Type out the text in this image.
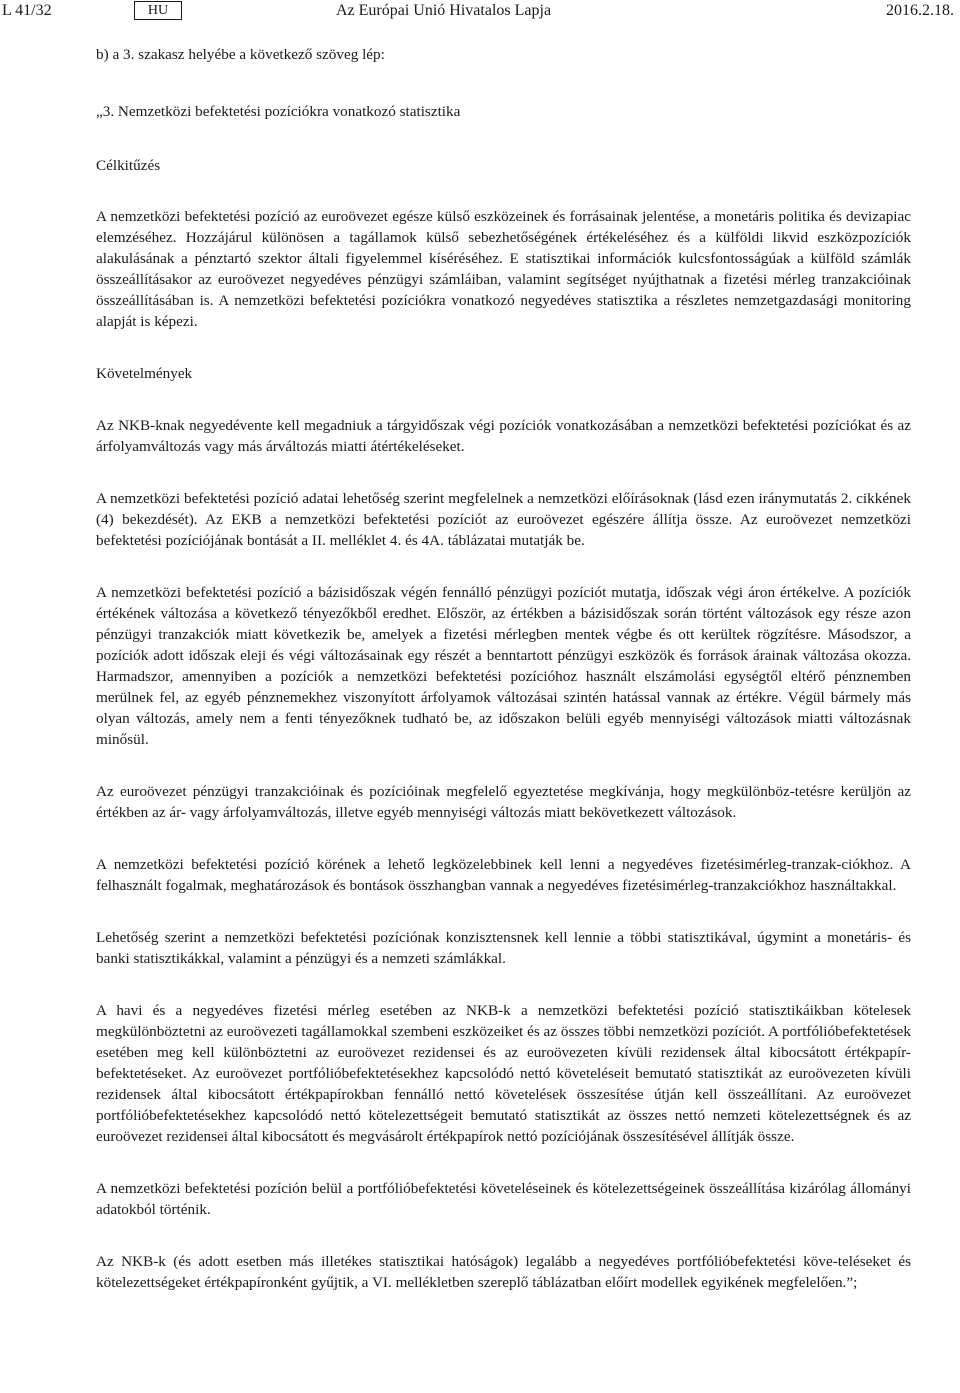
L 41/32	HU	Az Európai Unió Hivatalos Lapja	2016.2.18.

b) a 3. szakasz helyébe a következő szöveg lép:

„3. Nemzetközi befektetési pozíciókra vonatkozó statisztika

Célkitűzés

A nemzetközi befektetési pozíció az euroövezet egésze külső eszközeinek és forrásainak jelentése, a monetáris politika és devizapiac elemzéséhez. Hozzájárul különösen a tagállamok külső sebezhetőségének értékeléséhez és a külföldi likvid eszközpozíciók alakulásának a pénztartó szektor általi figyelemmel kíséréséhez. E statisztikai információk kulcsfontosságúak a külföld számlák összeállításakor az euroövezet negyedéves pénzügyi számláiban, valamint segítséget nyújthatnak a fizetési mérleg tranzakcióinak összeállításában is. A nemzetközi befektetési pozíciókra vonatkozó negyedéves statisztika a részletes nemzetgazdasági monitoring alapját is képezi.

Követelmények

Az NKB-knak negyedévente kell megadniuk a tárgyidőszak végi pozíciók vonatkozásában a nemzetközi befektetési pozíciókat és az árfolyamváltozás vagy más árváltozás miatti átértékeléseket.

A nemzetközi befektetési pozíció adatai lehetőség szerint megfelelnek a nemzetközi előírásoknak (lásd ezen iránymutatás 2. cikkének (4) bekezdését). Az EKB a nemzetközi befektetési pozíciót az euroövezet egészére állítja össze. Az euroövezet nemzetközi befektetési pozíciójának bontását a II. melléklet 4. és 4A. táblázatai mutatják be.

A nemzetközi befektetési pozíció a bázisidőszak végén fennálló pénzügyi pozíciót mutatja, időszak végi áron értékelve. A pozíciók értékének változása a következő tényezőkből eredhet. Először, az értékben a bázisidőszak során történt változások egy része azon pénzügyi tranzakciók miatt következik be, amelyek a fizetési mérlegben mentek végbe és ott kerültek rögzítésre. Másodszor, a pozíciók adott időszak eleji és végi változásainak egy részét a benntartott pénzügyi eszközök és források árainak változása okozza. Harmadszor, amennyiben a pozíciók a nemzetközi befektetési pozícióhoz használt elszámolási egységtől eltérő pénznemben merülnek fel, az egyéb pénznemekhez viszonyított árfolyamok változásai szintén hatással vannak az értékre. Végül bármely más olyan változás, amely nem a fenti tényezőknek tudható be, az időszakon belüli egyéb mennyiségi változások miatti változásnak minősül.

Az euroövezet pénzügyi tranzakcióinak és pozícióinak megfelelő egyeztetése megkívánja, hogy megkülönböz-tetésre kerüljön az értékben az ár- vagy árfolyamváltozás, illetve egyéb mennyiségi változás miatt bekövetkezett változások.

A nemzetközi befektetési pozíció körének a lehető legközelebbinek kell lenni a negyedéves fizetésimérleg-tranzak-ciókhoz. A felhasznált fogalmak, meghatározások és bontások összhangban vannak a negyedéves fizetésimérleg-tranzakciókhoz használtakkal.

Lehetőség szerint a nemzetközi befektetési pozíciónak konzisztensnek kell lennie a többi statisztikával, úgymint a monetáris- és banki statisztikákkal, valamint a pénzügyi és a nemzeti számlákkal.

A havi és a negyedéves fizetési mérleg esetében az NKB-k a nemzetközi befektetési pozíció statisztikáikban kötelesek megkülönböztetni az euroövezeti tagállamokkal szembeni eszközeiket és az összes többi nemzetközi pozíciót. A portfólióbefektetések esetében meg kell különböztetni az euroövezet rezidensei és az euroövezeten kívüli rezidensek által kibocsátott értékpapír-befektetéseket. Az euroövezet portfólióbefektetésekhez kapcsolódó nettó követeléseit bemutató statisztikát az euroövezeten kívüli rezidensek által kibocsátott értékpapírokban fennálló nettó követelések összesítése útján kell összeállítani. Az euroövezet portfólióbefektetésekhez kapcsolódó nettó kötelezettségeit bemutató statisztikát az összes nettó nemzeti kötelezettségnek és az euroövezet rezidensei által kibocsátott és megvásárolt értékpapírok nettó pozíciójának összesítésével állítják össze.

A nemzetközi befektetési pozíción belül a portfólióbefektetési követeléseinek és kötelezettségeinek összeállítása kizárólag állományi adatokból történik.

Az NKB-k (és adott esetben más illetékes statisztikai hatóságok) legalább a negyedéves portfólióbefektetési köve-teléseket és kötelezettségeket értékpapíronként gyűjtik, a VI. mellékletben szereplő táblázatban előírt modellek egyikének megfelelően.”;
